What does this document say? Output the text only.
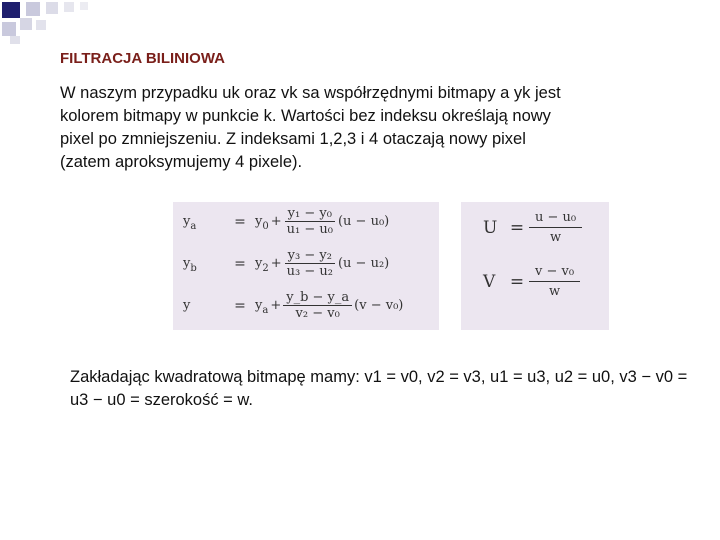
FILTRACJA BILINIOWA
W naszym przypadku uk oraz vk sa współrzędnymi bitmapy a yk jest kolorem bitmapy w punkcie k. Wartości bez indeksu określają nowy pixel po zmniejszeniu. Z indeksami 1,2,3 i 4 otaczają nowy pixel (zatem aproksymujemy 4 pixele).
$y_a$	= $y_0 + \frac{\text{y₁ − y₀}}{\text{u₁ − u₀}} (u - u_0)$
$y_b$	= $y_2 + \frac{\text{y₃ − y₂}}{\text{u₃ − u₂}} (u - u_2)$
y	= $y_a + \frac{y\_b - y\_a}{\text{v₂ − v₀}} (v - v_0)$
$U = \frac{\text{u − u₀}}{w}$
$V = \frac{\text{v − v₀}}{w}$
Zakładając kwadratową bitmapę mamy: v1 = v0, v2 = v3, u1 = u3, u2 = u0, v3 − v0 = u3 − u0 = szerokość = w.
